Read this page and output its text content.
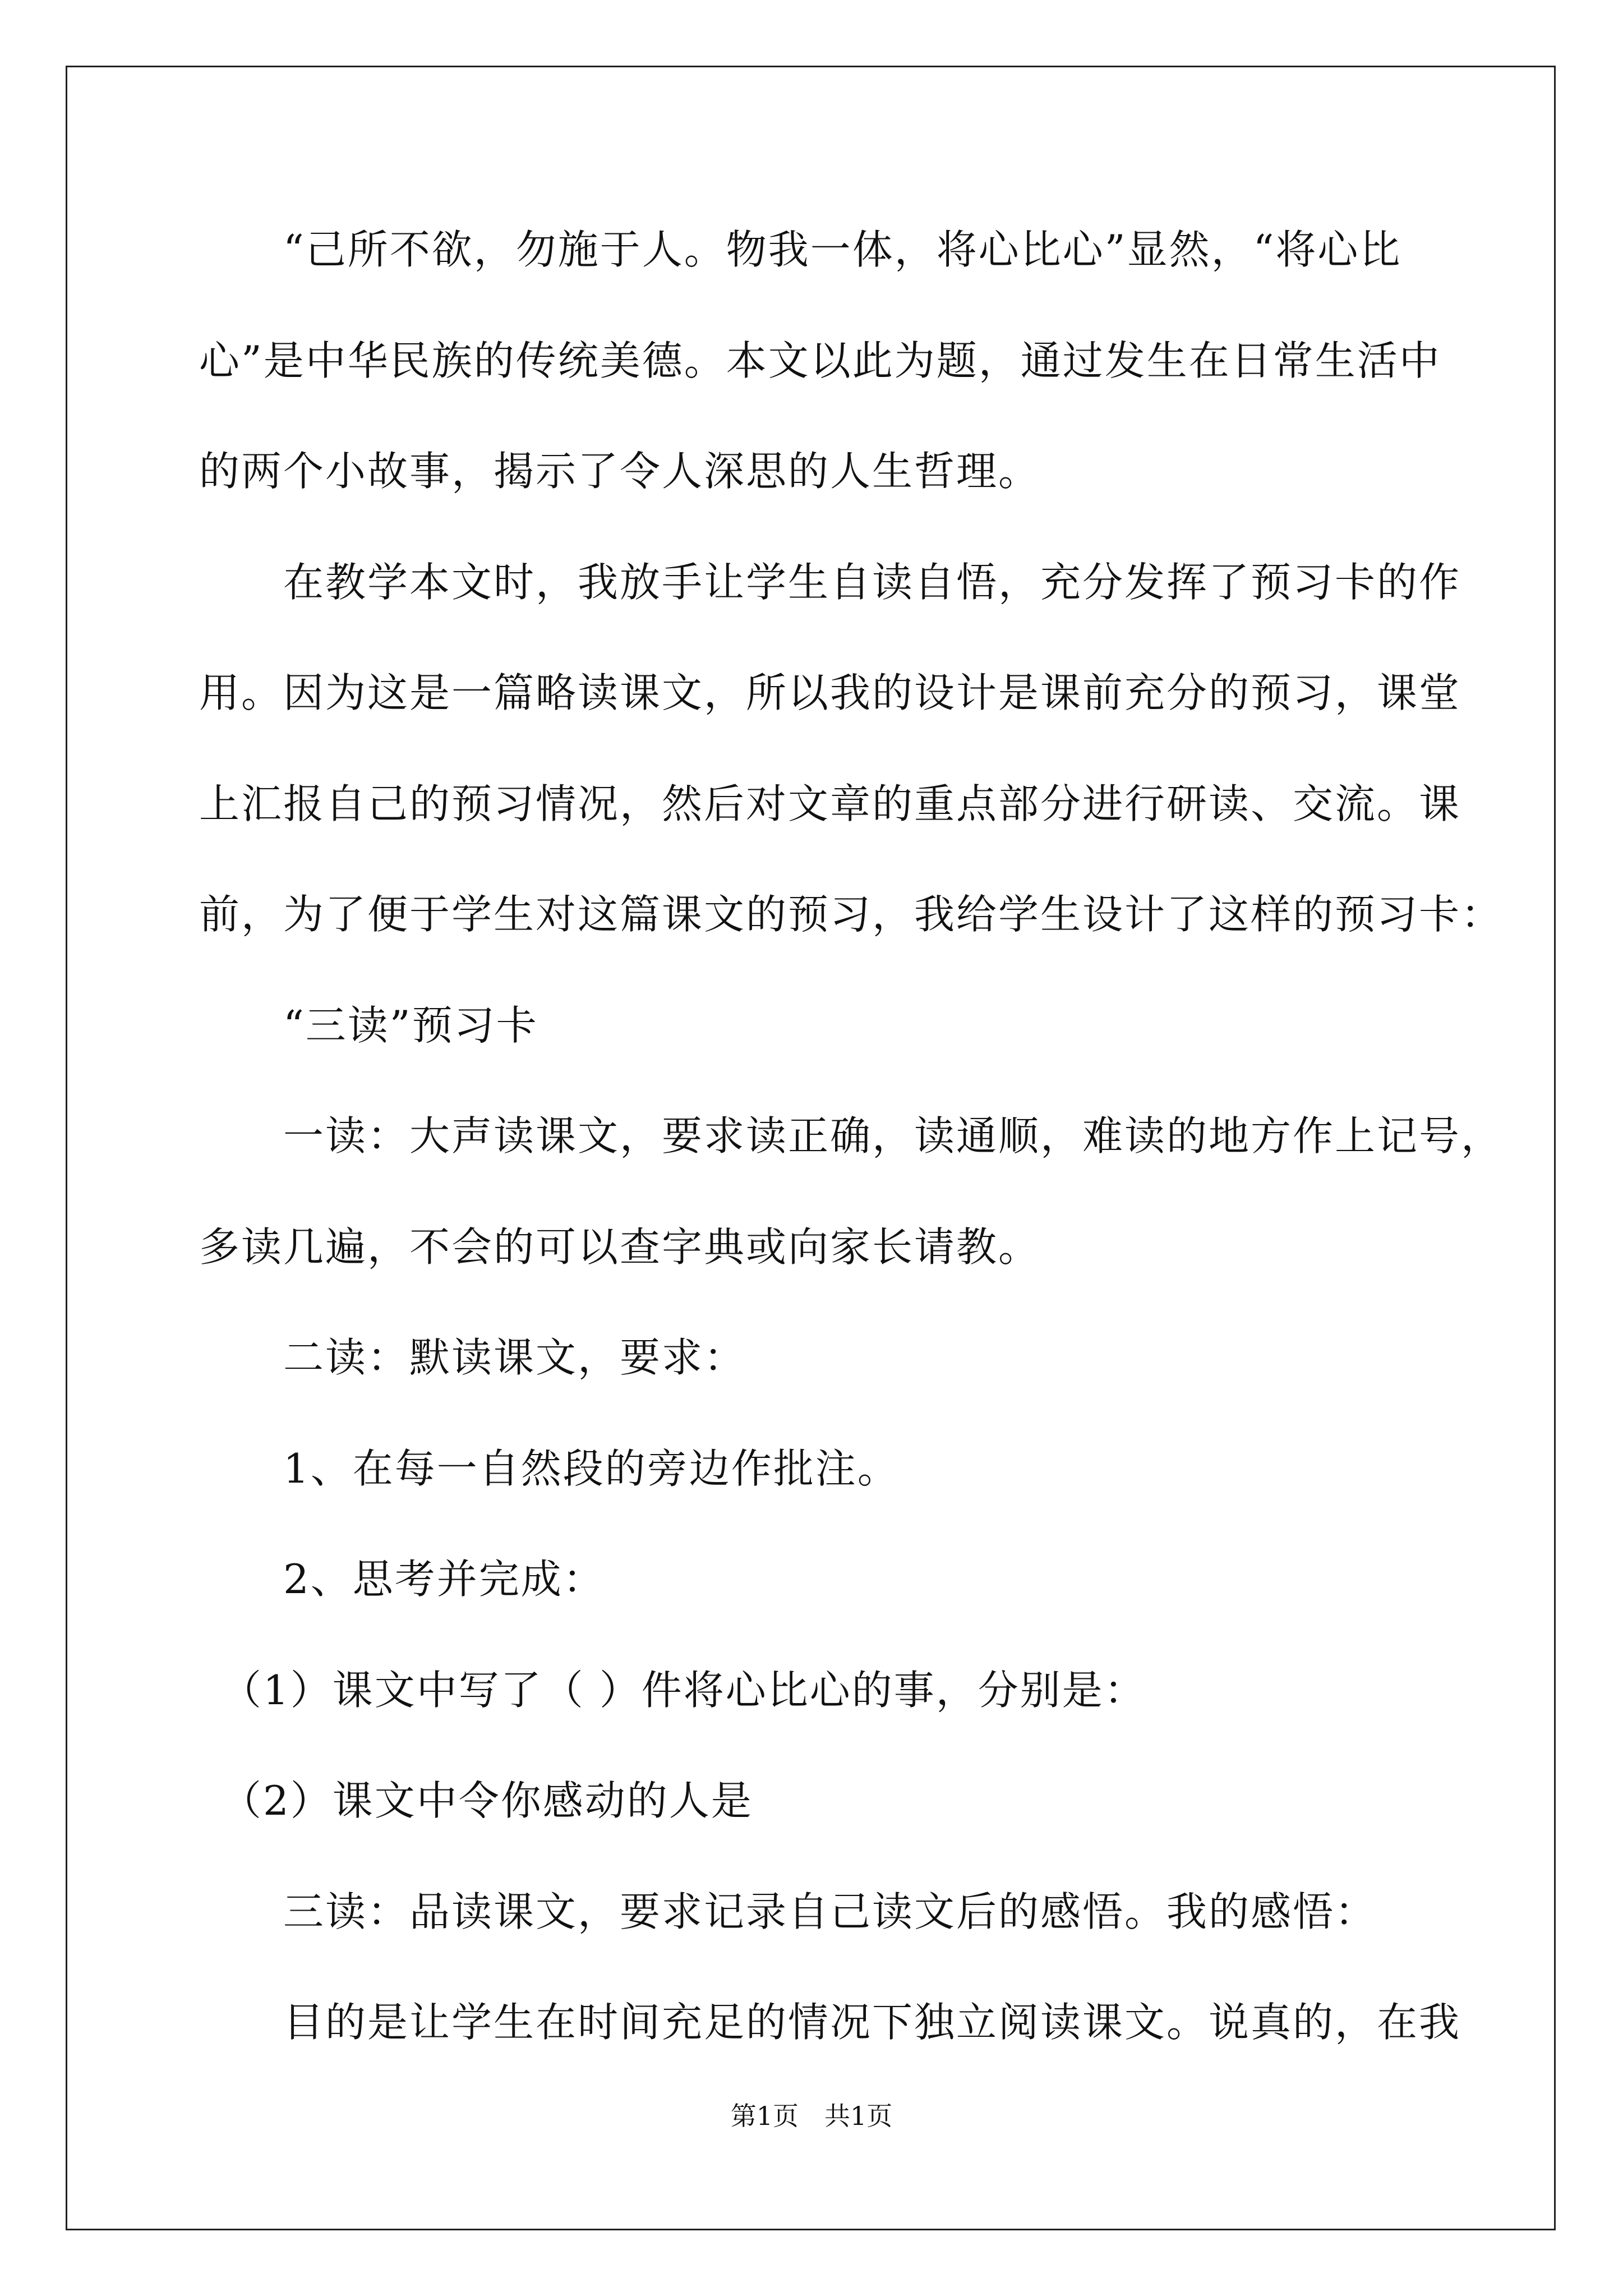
　　“己所不欲，勿施于人。物我一体，将心比心”显然，“将心比
心”是中华民族的传统美德。本文以此为题，通过发生在日常生活中
的两个小故事，揭示了令人深思的人生哲理。
　　在教学本文时，我放手让学生自读自悟，充分发挥了预习卡的作
用。因为这是一篇略读课文，所以我的设计是课前充分的预习，课堂
上汇报自己的预习情况，然后对文章的重点部分进行研读、交流。课
前，为了便于学生对这篇课文的预习，我给学生设计了这样的预习卡：
　　“三读”预习卡
　　一读：大声读课文，要求读正确，读通顺，难读的地方作上记号，
多读几遍，不会的可以查字典或向家长请教。
　　二读：默读课文，要求：
　　1、在每一自然段的旁边作批注。
　　2、思考并完成：
　（1）课文中写了（ ）件将心比心的事，分别是：
　（2）课文中令你感动的人是
　　三读：品读课文，要求记录自己读文后的感悟。我的感悟：
　　目的是让学生在时间充足的情况下独立阅读课文。说真的，在我
第1页　共1页
